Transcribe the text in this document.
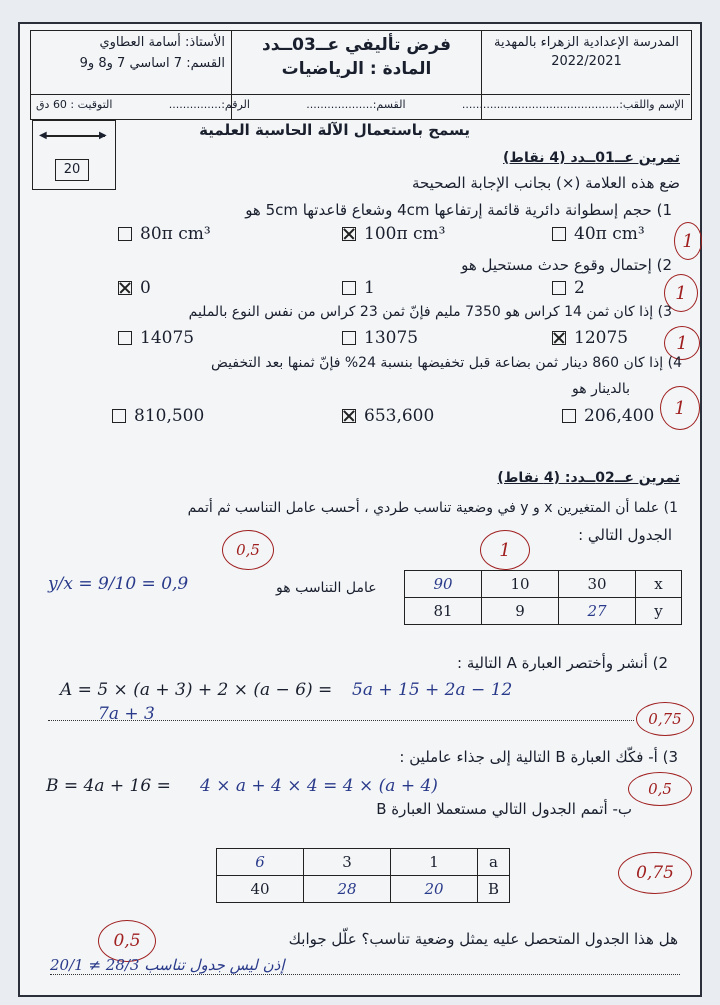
الأستاذ: أسامة العطاوي
القسم: 7 اساسي 7 و8 و9
فرض تأليفي عــ03ــدد
المادة : الرياضيات
المدرسة الإعدادية الزهراء بالمهدية
2022/2021
الإسم واللقب:.............................................
القسم:...................
الرقم:...............
التوقيت : 60 دق
◀	▶
20
يسمح باستعمال الآلة الحاسبة العلمية
تمرين عــ01ــدد (4 نقاط)
ضع هذه العلامة (×) بجانب الإجابة الصحيحة
1) حجم إسطوانة دائرية قائمة إرتفاعها 4cm وشعاع قاعدتها 5cm هو
80π cm³	100π cm³	40π cm³	1
2) إحتمال وقوع حدث مستحيل هو
0	1	2	1
3) إذا كان ثمن 14 كراس هو 7350 مليم فإنّ ثمن 23 كراس من نفس النوع بالمليم
14075	13075	12075	1
4) إذا كان 860 دينار ثمن بضاعة قبل تخفيضها بنسبة 24% فإنّ ثمنها بعد التخفيض
بالدينار هو
810,500	653,600	206,400	1
تمرين عــ02ــدد: (4 نقاط)
1) علما أن المتغيرين x و y في وضعية تناسب طردي ، أحسب عامل التناسب ثم أتمم
الجدول التالي :
1
0,5
عامل التناسب هو
y/x = 9/10 = 0,9	90	10	30	x
81	9	27	y
2) أنشر وأختصر العبارة A التالية :
A = 5 × (a + 3) + 2 × (a − 6) = 5a + 15 + 2a − 12
7a + 3	0,75
3) أ- فكّك العبارة B التالية إلى جذاء عاملين :
B = 4a + 16 = 4 × a + 4 × 4 = 4 × (a + 4)	0,5
ب- أتمم الجدول التالي مستعملا العبارة B
6	3	1	a
40	28	20	B
0,75
0,5	هل هذا الجدول المتحصل عليه يمثل وضعية تناسب؟ علّل جوابك
20/1 ≠ 28/3 إذن ليس جدول تناسب
